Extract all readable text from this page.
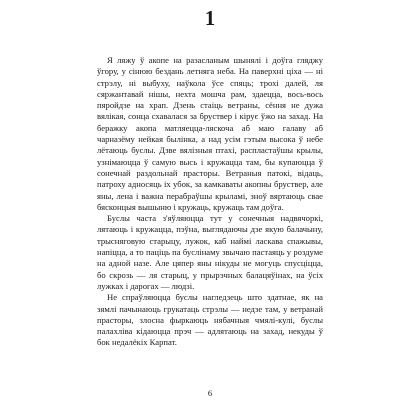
1

Я ляжу ў акопе на разасланым шынялі і доўга гляджу ўгору, у сінюю бездань летняга неба. На паверхні ціха — ні стрэлу, ні выбуху, наўкола ўсе спяць; трохі далей, ля сяржантавай нішы, нехта мошча рам, здаецца, вось-вось пяройдзе на храп. Дзень стаіць ветраны, сёння не дужа вялікая, сонца схавалася за бруствер і кірує ўжо на захад. На беражку акопа матляецца-ляскоча аб маю галаву аб чарназёму нейкая былінка, а над усім гэтым высока ў небе лётаюць буслы. Дзве вялізныя птахі, распластаўшы крылы, узнімаюцца ў самую высь і кружацца там, бы купаюцца ў сонечнай раздольнай прасторы. Ветраныя патокі, відаць, патроху адносяць іх убок, за камкаваты акопны бруствер, але яны, лена і важна перабраўшы крыламі, зноў вяртаюць свае бясконцыя вышыню і кружаць, кружаць там доўга.

Буслы часта з'яўляюцца тут у сонечныя надвячоркі, лятаюць і кружацца, пэўна, выглядаючы дзе якую балачыну, трысняговую старыцу, лужок, каб наймі ласкава спажывы, напіцца, а то паціць па буслінаму звычаю пастаяць у роздуме на адной назе. Але цяпер яны нікуды не могуць спусціцца, бо скрозь — ля старыц, у прырэчных балацяўінах, на ўсіх лужках і дарогах — людзі.

Не спраўляюцца буслы нагледзець што здатнае, як на зямлі пачынаюць грукатаць стрэлы — недзе там, у ветранай прасторы, злосна фыркаюць нябачныя чмялі-кулі, буслы палахліва кідаюцца прэч — адлятаюць на захад, некуды ў бок недалёкіх Карпат.

6
